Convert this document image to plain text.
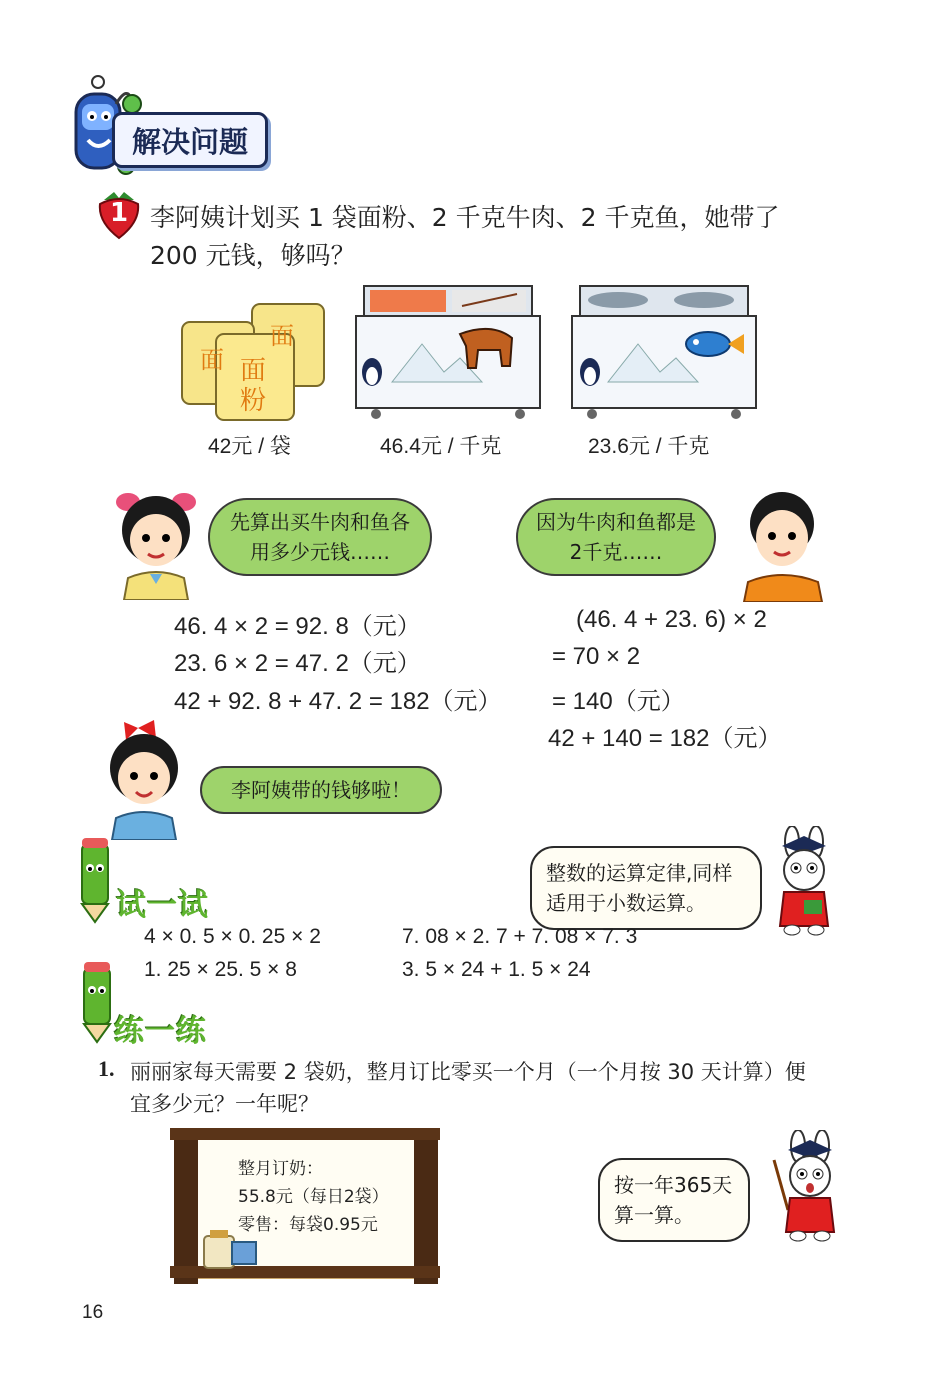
解决问题
1 李阿姨计划买 1 袋面粉、2 千克牛肉、2 千克鱼，她带了
200 元钱，够吗？
面
面 面
粉
42元 / 袋	46.4元 / 千克	23.6元 / 千克
先算出买牛肉和鱼各用多少元钱……
因为牛肉和鱼都是2千克……
46. 4 × 2 = 92. 8（元）
23. 6 × 2 = 47. 2（元）
42 + 92. 8 + 47. 2 = 182（元）
(46. 4 + 23. 6) × 2
= 70 × 2
= 140（元）
42 + 140 = 182（元）
李阿姨带的钱够啦！
试一试
整数的运算定律,同样适用于小数运算。
4 × 0. 5 × 0. 25 × 2	7. 08 × 2. 7 + 7. 08 × 7. 3
1. 25 × 25. 5 × 8	3. 5 × 24 + 1. 5 × 24
练一练
1. 丽丽家每天需要 2 袋奶，整月订比零买一个月（一个月按 30 天计算）便
宜多少元？一年呢？
整月订奶：
55.8元（每日2袋）
零售：每袋0.95元
按一年365天算一算。
16
